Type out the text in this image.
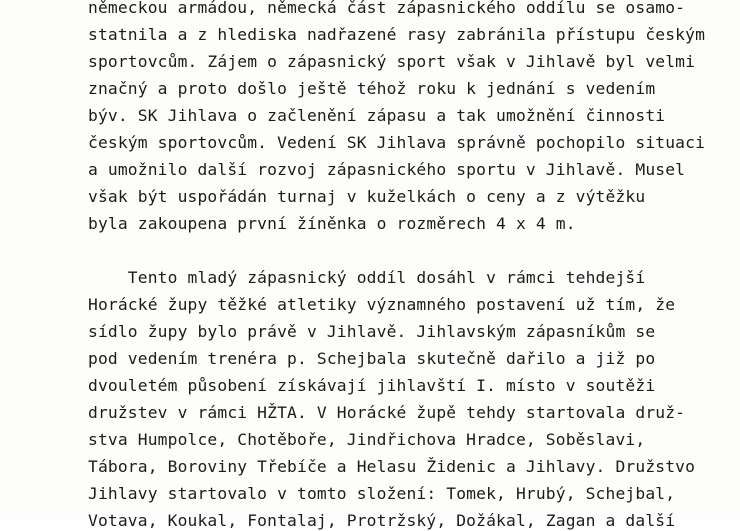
německou armádou, německá část zápasnického oddílu se osamo-

statnila a z hlediska nadřazené rasy zabránila přístupu českým

sportovcům. Zájem o zápasnický sport však v Jihlavě byl velmi

značný a proto došlo ještě téhož roku k jednání s vedením

býv. SK Jihlava o začlenění zápasu a tak umožnění činnosti

českým sportovcům. Vedení SK Jihlava správně pochopilo situaci

a umožnilo další rozvoj zápasnického sportu v Jihlavě. Musel

však být uspořádán turnaj v kuželkách o ceny a z výtěžku

byla zakoupena první žíněnka o rozměrech 4 x 4 m.

Tento mladý zápasnický oddíl dosáhl v rámci tehdejší

Horácké župy těžké atletiky významného postavení už tím, že

sídlo župy bylo právě v Jihlavě. Jihlavským zápasníkům se

pod vedením trenéra p. Schejbala skutečně dařilo a již po

dvouletém působení získávají jihlavští I. místo v soutěži

družstev v rámci HŽTA. V Horácké župě tehdy startovala druž-

stva Humpolce, Chotěboře, Jindřichova Hradce, Soběslavi,

Tábora, Boroviny Třebíče a Helasu Židenic a Jihlavy. Družstvo

Jihlavy startovalo v tomto složení: Tomek, Hrubý, Schejbal,

Votava, Koukal, Fontalaj, Protržský, Dožákal, Zagan a další
